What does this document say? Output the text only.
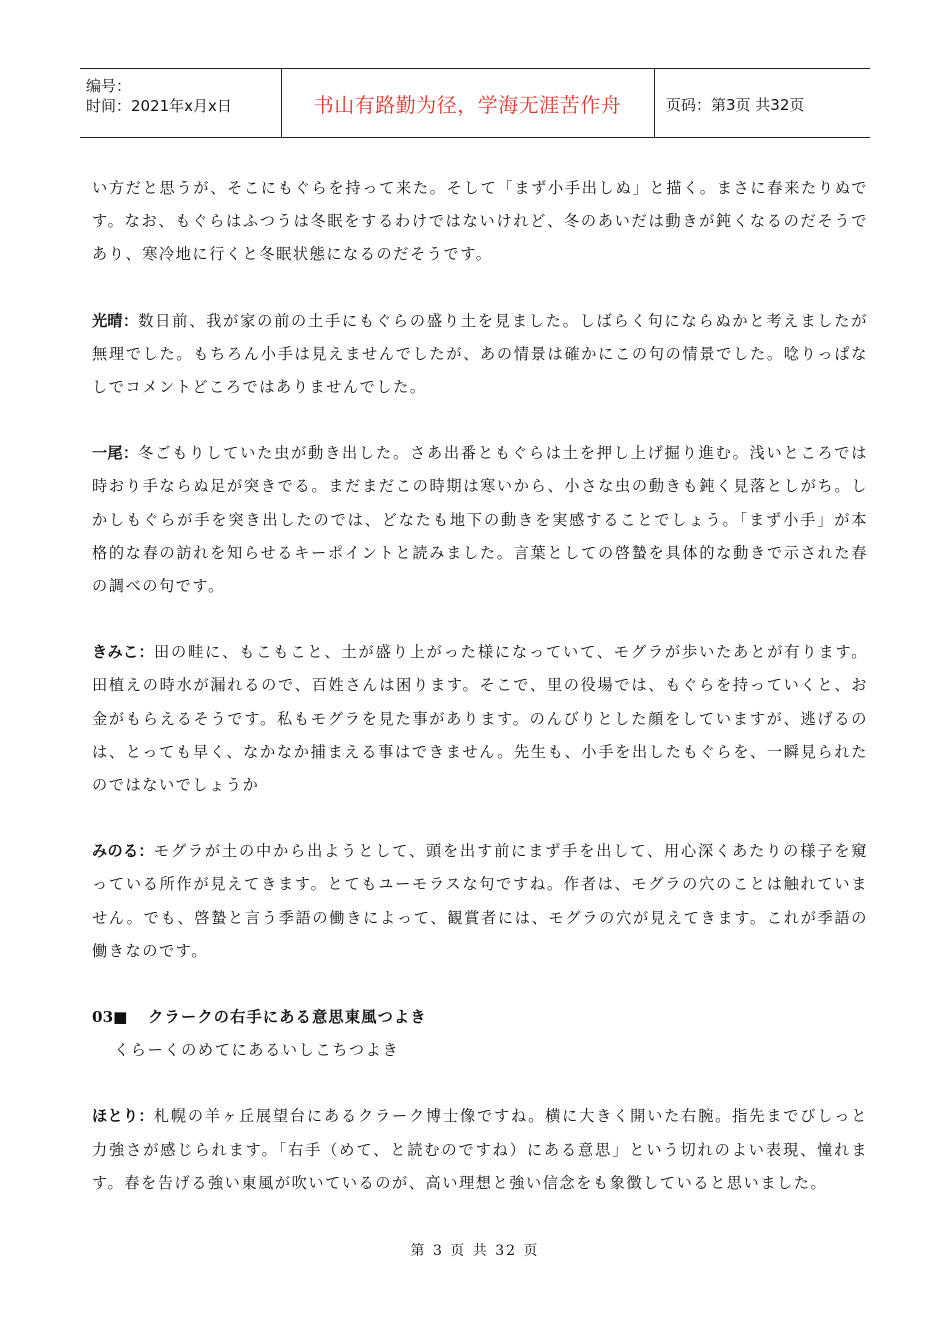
编号：
时间：2021年x月x日	书山有路勤为径，学海无涯苦作舟	页码：第3页 共32页

い方だと思うが、そこにもぐらを持って来た。そして「まず小手出しぬ」と描く。まさに春来たりぬです。なお、もぐらはふつうは冬眠をするわけではないけれど、冬のあいだは動きが鈍くなるのだそうであり、寒冷地に行くと冬眠状態になるのだそうです。

光晴：数日前、我が家の前の土手にもぐらの盛り土を見ました。しばらく句にならぬかと考えましたが無理でした。もちろん小手は見えませんでしたが、あの情景は確かにこの句の情景でした。唸りっぱなしでコメントどころではありませんでした。

一尾：冬ごもりしていた虫が動き出した。さあ出番ともぐらは土を押し上げ掘り進む。浅いところでは時おり手ならぬ足が突きでる。まだまだこの時期は寒いから、小さな虫の動きも鈍く見落としがち。しかしもぐらが手を突き出したのでは、どなたも地下の動きを実感することでしょう。「まず小手」が本格的な春の訪れを知らせるキーポイントと読みました。言葉としての啓蟄を具体的な動きで示された春の調べの句です。

きみこ：田の畦に、もこもこと、土が盛り上がった様になっていて、モグラが歩いたあとが有ります。田植えの時水が漏れるので、百姓さんは困ります。そこで、里の役場では、もぐらを持っていくと、お金がもらえるそうです。私もモグラを見た事があります。のんびりとした顔をしていますが、逃げるのは、とっても早く、なかなか捕まえる事はできません。先生も、小手を出したもぐらを、一瞬見られたのではないでしょうか

みのる：モグラが土の中から出ようとして、頭を出す前にまず手を出して、用心深くあたりの様子を窺っている所作が見えてきます。とてもユーモラスな句ですね。作者は、モグラの穴のことは触れていません。でも、啓蟄と言う季語の働きによって、観賞者には、モグラの穴が見えてきます。これが季語の働きなのです。

03■ クラークの右手にある意思東風つよき

くらーくのめてにあるいしこちつよき

ほとり：札幌の羊ヶ丘展望台にあるクラーク博士像ですね。横に大きく開いた右腕。指先までびしっと力強さが感じられます。「右手（めて、と読むのですね）にある意思」という切れのよい表現、憧れます。春を告げる強い東風が吹いているのが、高い理想と強い信念をも象徴していると思いました。

第 3 页 共 32 页
